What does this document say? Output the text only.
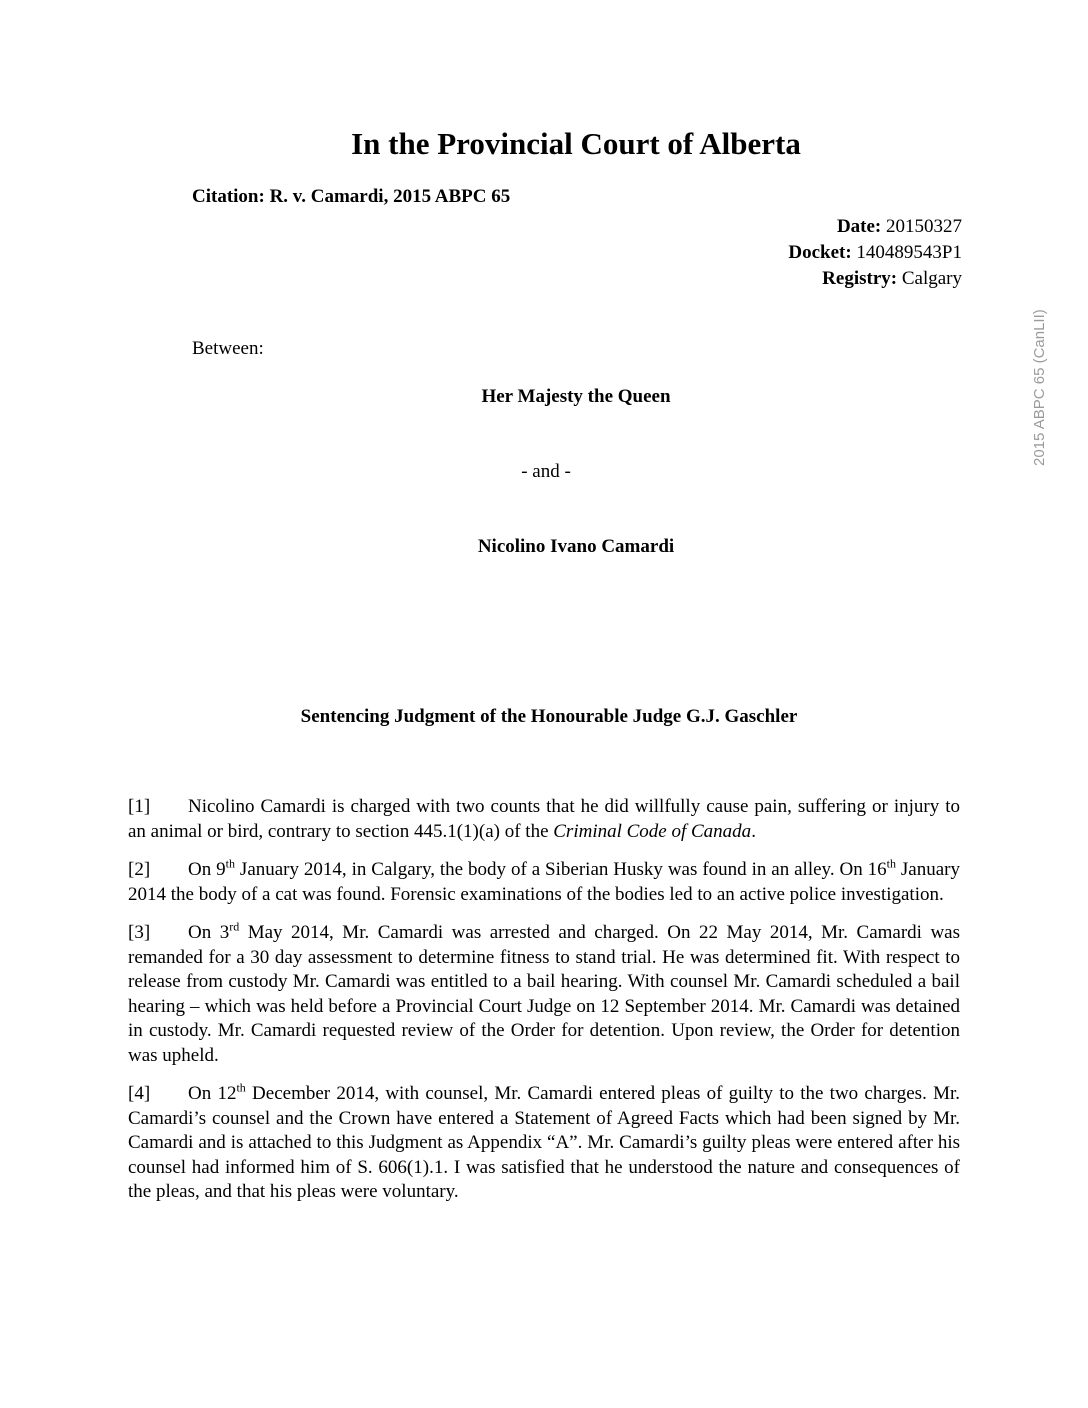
In the Provincial Court of Alberta
Citation: R. v. Camardi, 2015 ABPC 65
Date: 20150327
Docket: 140489543P1
Registry: Calgary
Between:
Her Majesty the Queen
- and -
Nicolino Ivano Camardi
Sentencing Judgment of the Honourable Judge G.J. Gaschler

[1] Nicolino Camardi is charged with two counts that he did willfully cause pain, suffering or injury to an animal or bird, contrary to section 445.1(1)(a) of the Criminal Code of Canada.

[2] On 9th January 2014, in Calgary, the body of a Siberian Husky was found in an alley. On 16th January 2014 the body of a cat was found. Forensic examinations of the bodies led to an active police investigation.

[3] On 3rd May 2014, Mr. Camardi was arrested and charged. On 22 May 2014, Mr. Camardi was remanded for a 30 day assessment to determine fitness to stand trial. He was determined fit. With respect to release from custody Mr. Camardi was entitled to a bail hearing. With counsel Mr. Camardi scheduled a bail hearing – which was held before a Provincial Court Judge on 12 September 2014. Mr. Camardi was detained in custody. Mr. Camardi requested review of the Order for detention. Upon review, the Order for detention was upheld.

[4] On 12th December 2014, with counsel, Mr. Camardi entered pleas of guilty to the two charges. Mr. Camardi’s counsel and the Crown have entered a Statement of Agreed Facts which had been signed by Mr. Camardi and is attached to this Judgment as Appendix “A”. Mr. Camardi’s guilty pleas were entered after his counsel had informed him of S. 606(1).1. I was satisfied that he understood the nature and consequences of the pleas, and that his pleas were voluntary.

2015 ABPC 65 (CanLII)
